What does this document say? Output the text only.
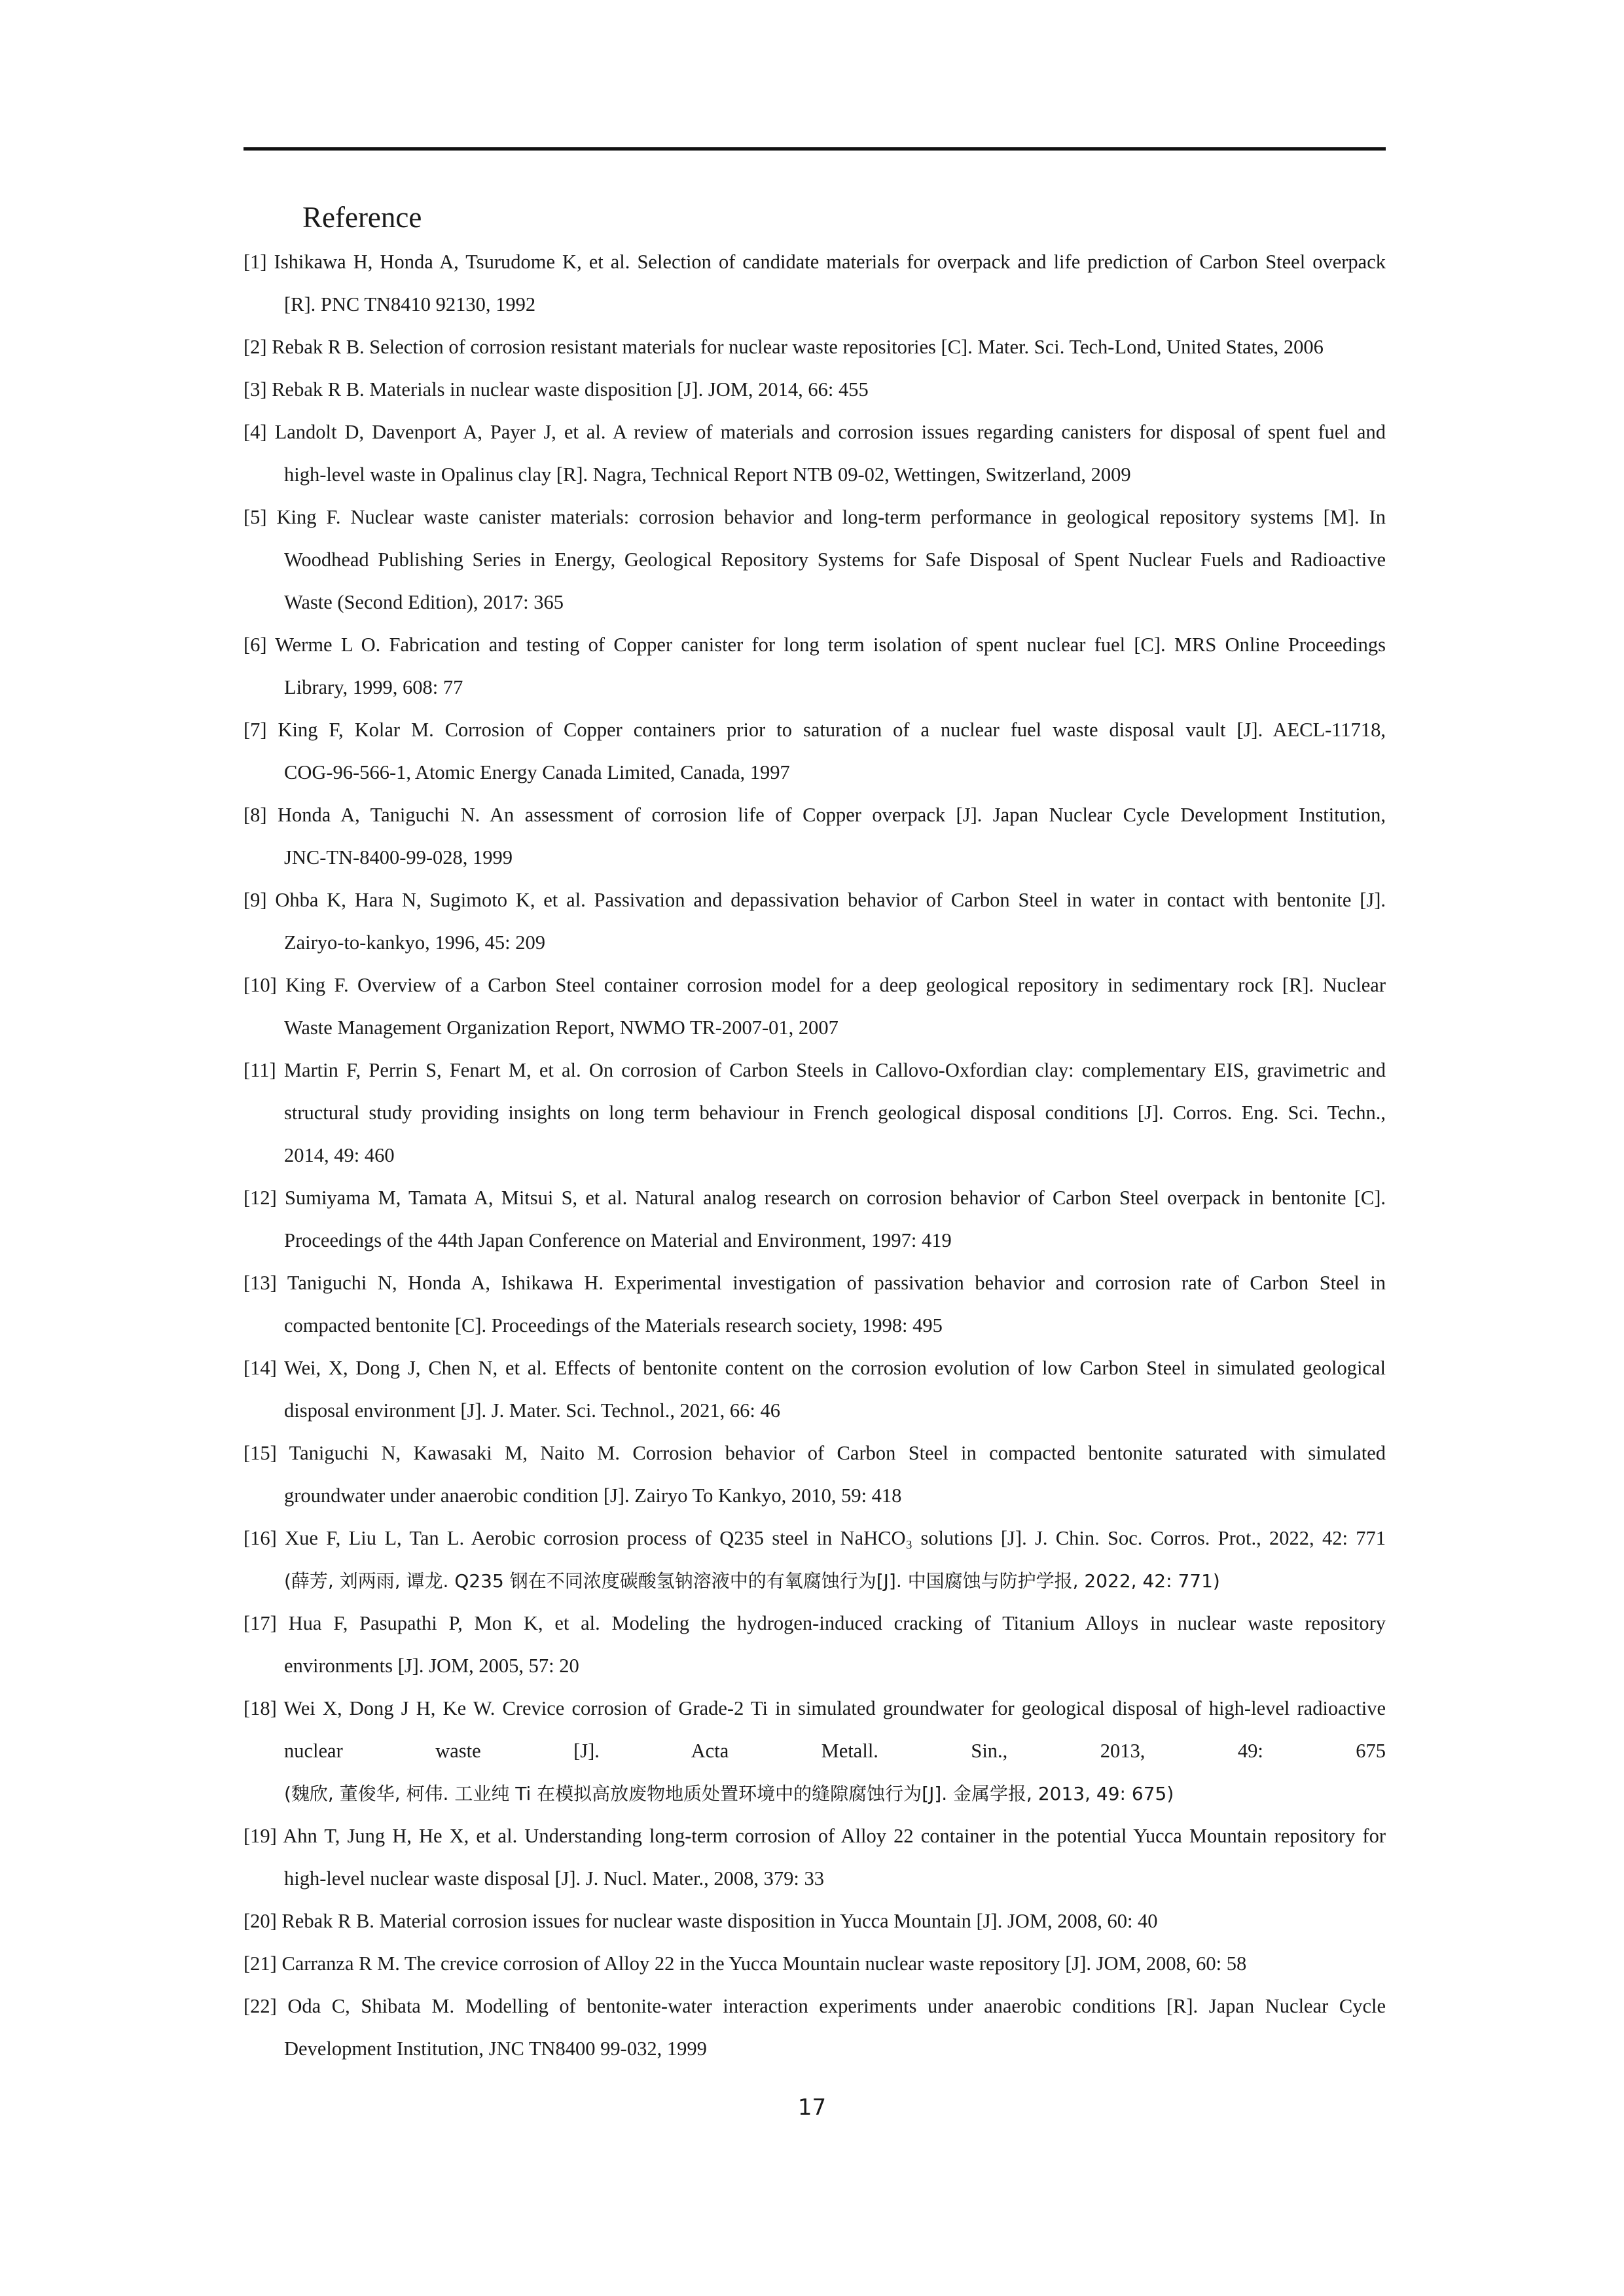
Reference
[1] Ishikawa H, Honda A, Tsurudome K, et al. Selection of candidate materials for overpack and life prediction of Carbon Steel overpack
[R]. PNC TN8410 92130, 1992
[2] Rebak R B. Selection of corrosion resistant materials for nuclear waste repositories [C]. Mater. Sci. Tech-Lond, United States, 2006
[3] Rebak R B. Materials in nuclear waste disposition [J]. JOM, 2014, 66: 455
[4] Landolt D, Davenport A, Payer J, et al. A review of materials and corrosion issues regarding canisters for disposal of spent fuel and
high-level waste in Opalinus clay [R]. Nagra, Technical Report NTB 09-02, Wettingen, Switzerland, 2009
[5] King F. Nuclear waste canister materials: corrosion behavior and long-term performance in geological repository systems [M]. In
Woodhead Publishing Series in Energy, Geological Repository Systems for Safe Disposal of Spent Nuclear Fuels and Radioactive
Waste (Second Edition), 2017: 365
[6] Werme L O. Fabrication and testing of Copper canister for long term isolation of spent nuclear fuel [C]. MRS Online Proceedings
Library, 1999, 608: 77
[7] King F, Kolar M. Corrosion of Copper containers prior to saturation of a nuclear fuel waste disposal vault [J]. AECL-11718,
COG-96-566-1, Atomic Energy Canada Limited, Canada, 1997
[8] Honda A, Taniguchi N. An assessment of corrosion life of Copper overpack [J]. Japan Nuclear Cycle Development Institution,
JNC-TN-8400-99-028, 1999
[9] Ohba K, Hara N, Sugimoto K, et al. Passivation and depassivation behavior of Carbon Steel in water in contact with bentonite [J].
Zairyo-to-kankyo, 1996, 45: 209
[10] King F. Overview of a Carbon Steel container corrosion model for a deep geological repository in sedimentary rock [R]. Nuclear
Waste Management Organization Report, NWMO TR-2007-01, 2007
[11] Martin F, Perrin S, Fenart M, et al. On corrosion of Carbon Steels in Callovo-Oxfordian clay: complementary EIS, gravimetric and
structural study providing insights on long term behaviour in French geological disposal conditions [J]. Corros. Eng. Sci. Techn.,
2014, 49: 460
[12] Sumiyama M, Tamata A, Mitsui S, et al. Natural analog research on corrosion behavior of Carbon Steel overpack in bentonite [C].
Proceedings of the 44th Japan Conference on Material and Environment, 1997: 419
[13] Taniguchi N, Honda A, Ishikawa H. Experimental investigation of passivation behavior and corrosion rate of Carbon Steel in
compacted bentonite [C]. Proceedings of the Materials research society, 1998: 495
[14] Wei, X, Dong J, Chen N, et al. Effects of bentonite content on the corrosion evolution of low Carbon Steel in simulated geological
disposal environment [J]. J. Mater. Sci. Technol., 2021, 66: 46
[15] Taniguchi N, Kawasaki M, Naito M. Corrosion behavior of Carbon Steel in compacted bentonite saturated with simulated
groundwater under anaerobic condition [J]. Zairyo To Kankyo, 2010, 59: 418
[16] Xue F, Liu L, Tan L. Aerobic corrosion process of Q235 steel in NaHCO₃ solutions [J]. J. Chin. Soc. Corros. Prot., 2022, 42: 771
(薛芳, 刘两雨, 谭龙. Q235 钢在不同浓度碳酸氢钠溶液中的有氧腐蚀行为[J]. 中国腐蚀与防护学报, 2022, 42: 771)
[17] Hua F, Pasupathi P, Mon K, et al. Modeling the hydrogen-induced cracking of Titanium Alloys in nuclear waste repository
environments [J]. JOM, 2005, 57: 20
[18] Wei X, Dong J H, Ke W. Crevice corrosion of Grade-2 Ti in simulated groundwater for geological disposal of high-level radioactive
nuclear waste [J]. Acta Metall. Sin., 2013, 49: 675
(魏欣, 董俊华, 柯伟. 工业纯 Ti 在模拟高放废物地质处置环境中的缝隙腐蚀行为[J]. 金属学报, 2013, 49: 675)
[19] Ahn T, Jung H, He X, et al. Understanding long-term corrosion of Alloy 22 container in the potential Yucca Mountain repository for
high-level nuclear waste disposal [J]. J. Nucl. Mater., 2008, 379: 33
[20] Rebak R B. Material corrosion issues for nuclear waste disposition in Yucca Mountain [J]. JOM, 2008, 60: 40
[21] Carranza R M. The crevice corrosion of Alloy 22 in the Yucca Mountain nuclear waste repository [J]. JOM, 2008, 60: 58
[22] Oda C, Shibata M. Modelling of bentonite-water interaction experiments under anaerobic conditions [R]. Japan Nuclear Cycle
Development Institution, JNC TN8400 99-032, 1999
17
